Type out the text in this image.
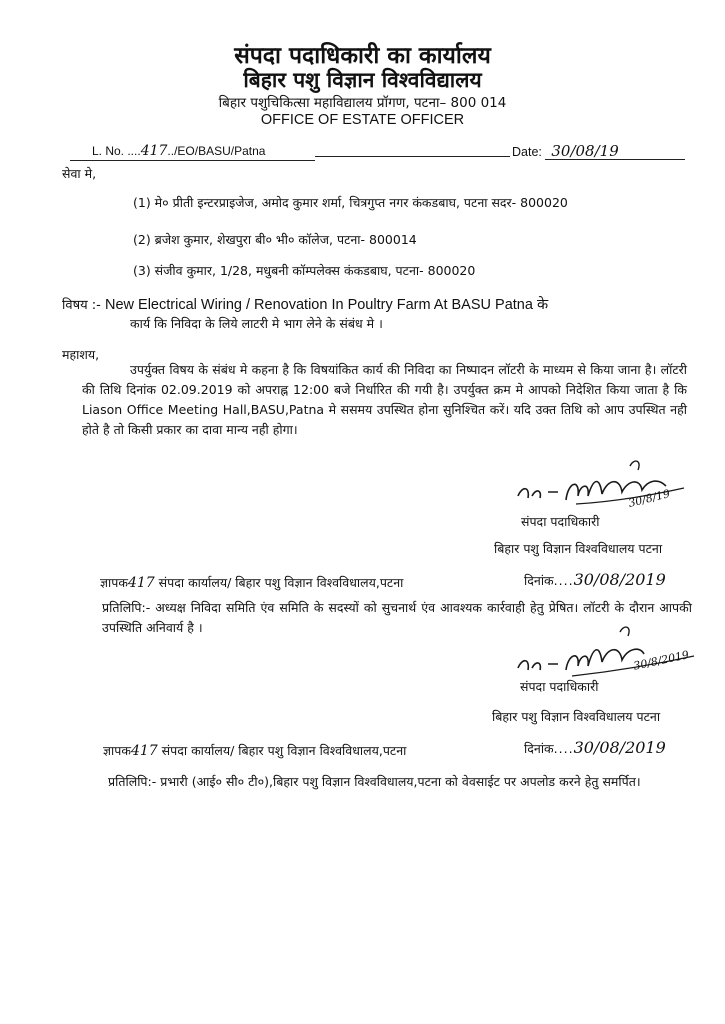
संपदा पदाधिकारी का कार्यालय
बिहार पशु विज्ञान विश्वविद्यालय
बिहार पशुचिकित्सा महाविद्यालय प्रॉगण, पटना– 800 014
OFFICE OF ESTATE OFFICER
L. No. ....417../EO/BASU/Patna	Date: 30/08/19
सेवा मे,
(1) मे० प्रीती इन्टरप्राइजेज, अमोद कुमार शर्मा, चित्रगुप्त नगर कंकडबाघ, पटना सदर- 800020
(2) ब्रजेश कुमार, शेखपुरा बी० भी० कॉलेज, पटना- 800014
(3) संजीव कुमार, 1/28, मधुबनी कॉम्पलेक्स कंकडबाघ, पटना- 800020
विषय :- New Electrical Wiring / Renovation In Poultry Farm At BASU Patna के
कार्य कि निविदा के लिये लाटरी मे भाग लेने के संबंध मे ।
महाशय,
उपर्युक्त विषय के संबंध मे कहना है कि विषयांकित कार्य की निविदा का निष्पादन लॉटरी के माध्यम से किया जाना है। लॉटरी की तिथि दिनांक 02.09.2019 को अपराह्न 12:00 बजे निर्धारित की गयी है। उपर्युक्त क्रम मे आपको निदेशित किया जाता है कि Liason Office Meeting Hall,BASU,Patna मे ससमय उपस्थित होना सुनिश्चित करें। यदि उक्त तिथि को आप उपस्थित नही होते है तो किसी प्रकार का दावा मान्य नही होगा।
30/8/19
संपदा पदाधिकारी
बिहार पशु विज्ञान विश्वविधालय पटना
ज्ञापक417 संपदा कार्यालय/ बिहार पशु विज्ञान विश्वविधालय,पटना	दिनांक....30/08/2019
प्रतिलिपि:- अध्यक्ष निविदा समिति एंव समिति के सदस्यों को सुचनार्थ एंव आवश्यक कार्रवाही हेतु प्रेषित। लॉटरी के दौरान आपकी उपस्थिति अनिवार्य है ।
30/8/2019
संपदा पदाधिकारी
बिहार पशु विज्ञान विश्वविधालय पटना
ज्ञापक417 संपदा कार्यालय/ बिहार पशु विज्ञान विश्वविधालय,पटना	दिनांक....30/08/2019
प्रतिलिपि:- प्रभारी (आई० सी० टी०),बिहार पशु विज्ञान विश्वविधालय,पटना को वेवसाईट पर अपलोड करने हेतु समर्पित।
